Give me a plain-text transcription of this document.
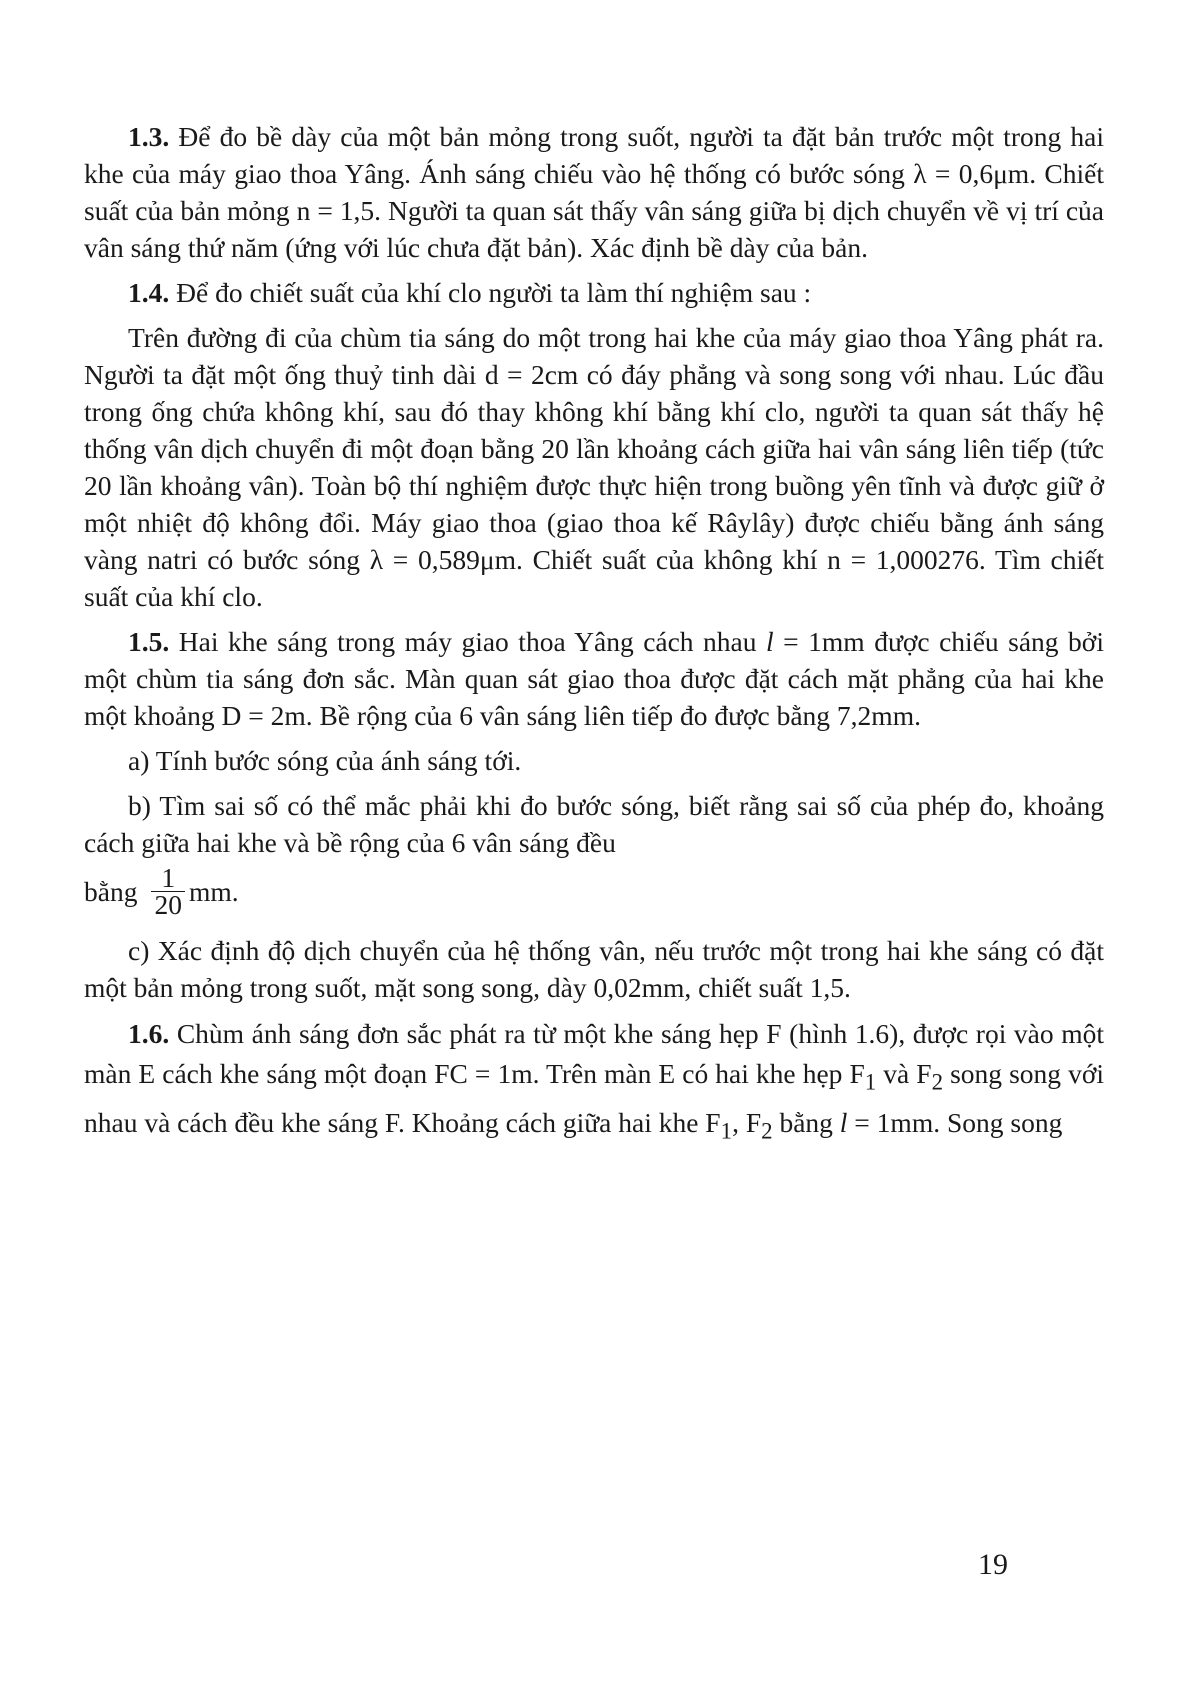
1.3. Để đo bề dày của một bản mỏng trong suốt, người ta đặt bản trước một trong hai khe của máy giao thoa Yâng. Ánh sáng chiếu vào hệ thống có bước sóng λ = 0,6μm. Chiết suất của bản mỏng n = 1,5. Người ta quan sát thấy vân sáng giữa bị dịch chuyển về vị trí của vân sáng thứ năm (ứng với lúc chưa đặt bản). Xác định bề dày của bản.

1.4. Để đo chiết suất của khí clo người ta làm thí nghiệm sau :

Trên đường đi của chùm tia sáng do một trong hai khe của máy giao thoa Yâng phát ra. Người ta đặt một ống thuỷ tinh dài d = 2cm có đáy phẳng và song song với nhau. Lúc đầu trong ống chứa không khí, sau đó thay không khí bằng khí clo, người ta quan sát thấy hệ thống vân dịch chuyển đi một đoạn bằng 20 lần khoảng cách giữa hai vân sáng liên tiếp (tức 20 lần khoảng vân). Toàn bộ thí nghiệm được thực hiện trong buồng yên tĩnh và được giữ ở một nhiệt độ không đổi. Máy giao thoa (giao thoa kế Râylây) được chiếu bằng ánh sáng vàng natri có bước sóng λ = 0,589μm. Chiết suất của không khí n = 1,000276. Tìm chiết suất của khí clo.

1.5. Hai khe sáng trong máy giao thoa Yâng cách nhau l = 1mm được chiếu sáng bởi một chùm tia sáng đơn sắc. Màn quan sát giao thoa được đặt cách mặt phẳng của hai khe một khoảng D = 2m. Bề rộng của 6 vân sáng liên tiếp đo được bằng 7,2mm.

a) Tính bước sóng của ánh sáng tới.

b) Tìm sai số có thể mắc phải khi đo bước sóng, biết rằng sai số của phép đo, khoảng cách giữa hai khe và bề rộng của 6 vân sáng đều

bằng $\frac{1}{20}$ mm.

c) Xác định độ dịch chuyển của hệ thống vân, nếu trước một trong hai khe sáng có đặt một bản mỏng trong suốt, mặt song song, dày 0,02mm, chiết suất 1,5.

1.6. Chùm ánh sáng đơn sắc phát ra từ một khe sáng hẹp F (hình 1.6), được rọi vào một màn E cách khe sáng một đoạn FC = 1m. Trên màn E có hai khe hẹp $F_1$ và $F_2$ song song với nhau và cách đều khe sáng F. Khoảng cách giữa hai khe $F_1$, $F_2$ bằng l = 1mm. Song song

19
